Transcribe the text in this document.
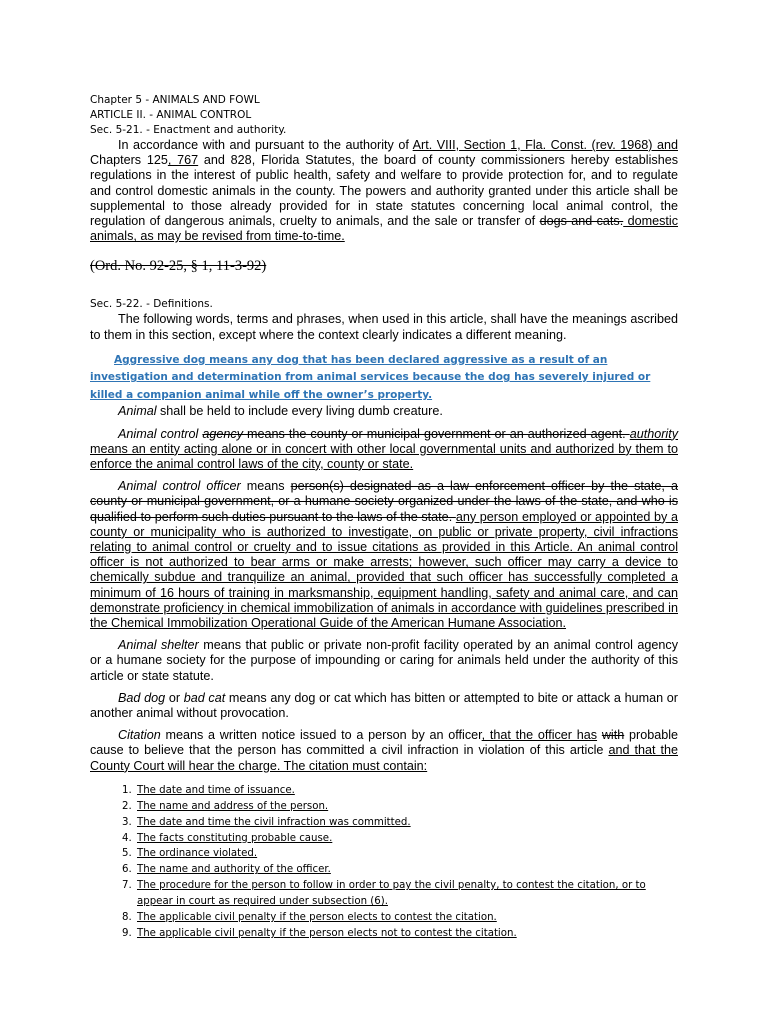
Chapter 5 - ANIMALS AND FOWL

ARTICLE II. - ANIMAL CONTROL

Sec. 5-21. - Enactment and authority.

In accordance with and pursuant to the authority of Art. VIII, Section 1, Fla. Const. (rev. 1968) and Chapters 125, 767 and 828, Florida Statutes, the board of county commissioners hereby establishes regulations in the interest of public health, safety and welfare to provide protection for, and to regulate and control domestic animals in the county. The powers and authority granted under this article shall be supplemental to those already provided for in state statutes concerning local animal control, the regulation of dangerous animals, cruelty to animals, and the sale or transfer of dogs and cats. domestic animals, as may be revised from time-to-time.

(Ord. No. 92-25, § 1, 11-3-92)

Sec. 5-22. - Definitions.

The following words, terms and phrases, when used in this article, shall have the meanings ascribed to them in this section, except where the context clearly indicates a different meaning.

Aggressive dog means any dog that has been declared aggressive as a result of an investigation and determination from animal services because the dog has severely injured or killed a companion animal while off the owner’s property.

Animal shall be held to include every living dumb creature.

Animal control agency means the county or municipal government or an authorized agent. authority means an entity acting alone or in concert with other local governmental units and authorized by them to enforce the animal control laws of the city, county or state.

Animal control officer means person(s) designated as a law enforcement officer by the state, a county or municipal government, or a humane society organized under the laws of the state, and who is qualified to perform such duties pursuant to the laws of the state. any person employed or appointed by a county or municipality who is authorized to investigate, on public or private property, civil infractions relating to animal control or cruelty and to issue citations as provided in this Article. An animal control officer is not authorized to bear arms or make arrests; however, such officer may carry a device to chemically subdue and tranquilize an animal, provided that such officer has successfully completed a minimum of 16 hours of training in marksmanship, equipment handling, safety and animal care, and can demonstrate proficiency in chemical immobilization of animals in accordance with guidelines prescribed in the Chemical Immobilization Operational Guide of the American Humane Association.

Animal shelter means that public or private non-profit facility operated by an animal control agency or a humane society for the purpose of impounding or caring for animals held under the authority of this article or state statute.

Bad dog or bad cat means any dog or cat which has bitten or attempted to bite or attack a human or another animal without provocation.

Citation means a written notice issued to a person by an officer, that the officer has with probable cause to believe that the person has committed a civil infraction in violation of this article and that the County Court will hear the charge. The citation must contain:

1. The date and time of issuance.
2. The name and address of the person.
3. The date and time the civil infraction was committed.
4. The facts constituting probable cause.
5. The ordinance violated.
6. The name and authority of the officer.
7. The procedure for the person to follow in order to pay the civil penalty, to contest the citation, or to appear in court as required under subsection (6).
8. The applicable civil penalty if the person elects to contest the citation.
9. The applicable civil penalty if the person elects not to contest the citation.
